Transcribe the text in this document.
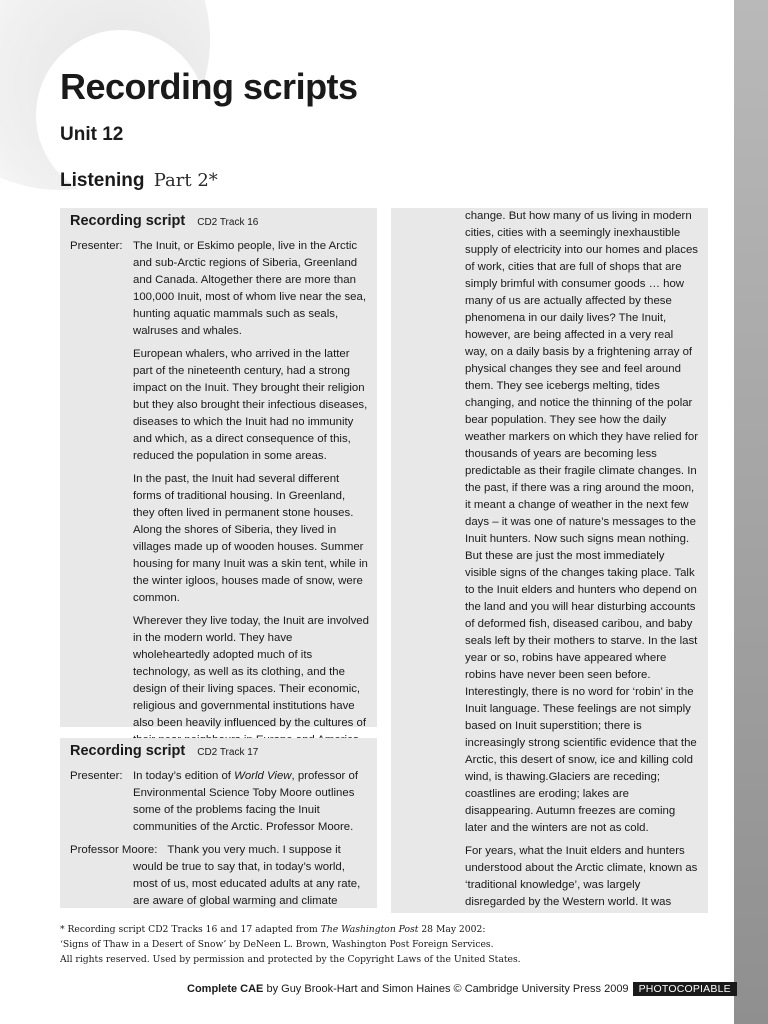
Recording scripts
Unit 12
Listening Part 2*
Recording script CD2 Track 16
Presenter: The Inuit, or Eskimo people, live in the Arctic and sub-Arctic regions of Siberia, Greenland and Canada. Altogether there are more than 100,000 Inuit, most of whom live near the sea, hunting aquatic mammals such as seals, walruses and whales.

European whalers, who arrived in the latter part of the nineteenth century, had a strong impact on the Inuit. They brought their religion but they also brought their infectious diseases, diseases to which the Inuit had no immunity and which, as a direct consequence of this, reduced the population in some areas.

In the past, the Inuit had several different forms of traditional housing. In Greenland, they often lived in permanent stone houses. Along the shores of Siberia, they lived in villages made up of wooden houses. Summer housing for many Inuit was a skin tent, while in the winter igloos, houses made of snow, were common.

Wherever they live today, the Inuit are involved in the modern world. They have wholeheartedly adopted much of its technology, as well as its clothing, and the design of their living spaces. Their economic, religious and governmental institutions have also been heavily influenced by the cultures of

Recording script CD2 Track 17
Presenter: In today’s edition of World View, professor of Environmental Science Toby Moore outlines some of the problems facing the Inuit communities of the Arctic. Professor Moore.

Professor Moore: Thank you very much. I suppose it would be true to say that, in today’s world, most of us, most educated adults at any rate, are aware of global warming and climate

change. But how many of us living in modern cities, cities with a seemingly inexhaustible supply of electricity into our homes and places of work, cities that are full of shops that are simply brimful with consumer goods … how many of us are actually affected by these phenomena in our daily lives? The Inuit, however, are being affected in a very real way, on a daily basis by a frightening array of physical changes they see and feel around them. They see icebergs melting, tides changing, and notice the thinning of the polar bear population. They see how the daily weather markers on which they have relied for thousands of years are becoming less predictable as their fragile climate changes. In the past, if there was a ring around the moon, it meant a change of weather in the next few days – it was one of nature’s messages to the Inuit hunters. Now such signs mean nothing. But these are just the most immediately visible signs of the changes taking place. Talk to the Inuit elders and hunters who depend on the land and you will hear disturbing accounts of deformed fish, diseased caribou, and baby seals left by their mothers to starve. In the last year or so, robins have appeared where robins have never been seen before. Interestingly, there is no word for ‘robin’ in the Inuit language. These feelings are not simply based on Inuit superstition; there is increasingly strong scientific evidence that the Arctic, this desert of snow, ice and killing cold wind, is thawing.Glaciers are receding; coastlines are eroding; lakes are disappearing. Autumn freezes are coming later and the winters are not as cold.

For years, what the Inuit elders and hunters understood about the Arctic climate, known as ‘traditional knowledge’, was largely disregarded by the Western world. It was

* Recording script CD2 Tracks 16 and 17 adapted from The Washington Post 28 May 2002:
‘Signs of Thaw in a Desert of Snow’ by DeNeen L. Brown, Washington Post Foreign Services.
All rights reserved. Used by permission and protected by the Copyright Laws of the United States.
Complete CAE by Guy Brook-Hart and Simon Haines © Cambridge University Press 2009 PHOTOCOPIABLE
